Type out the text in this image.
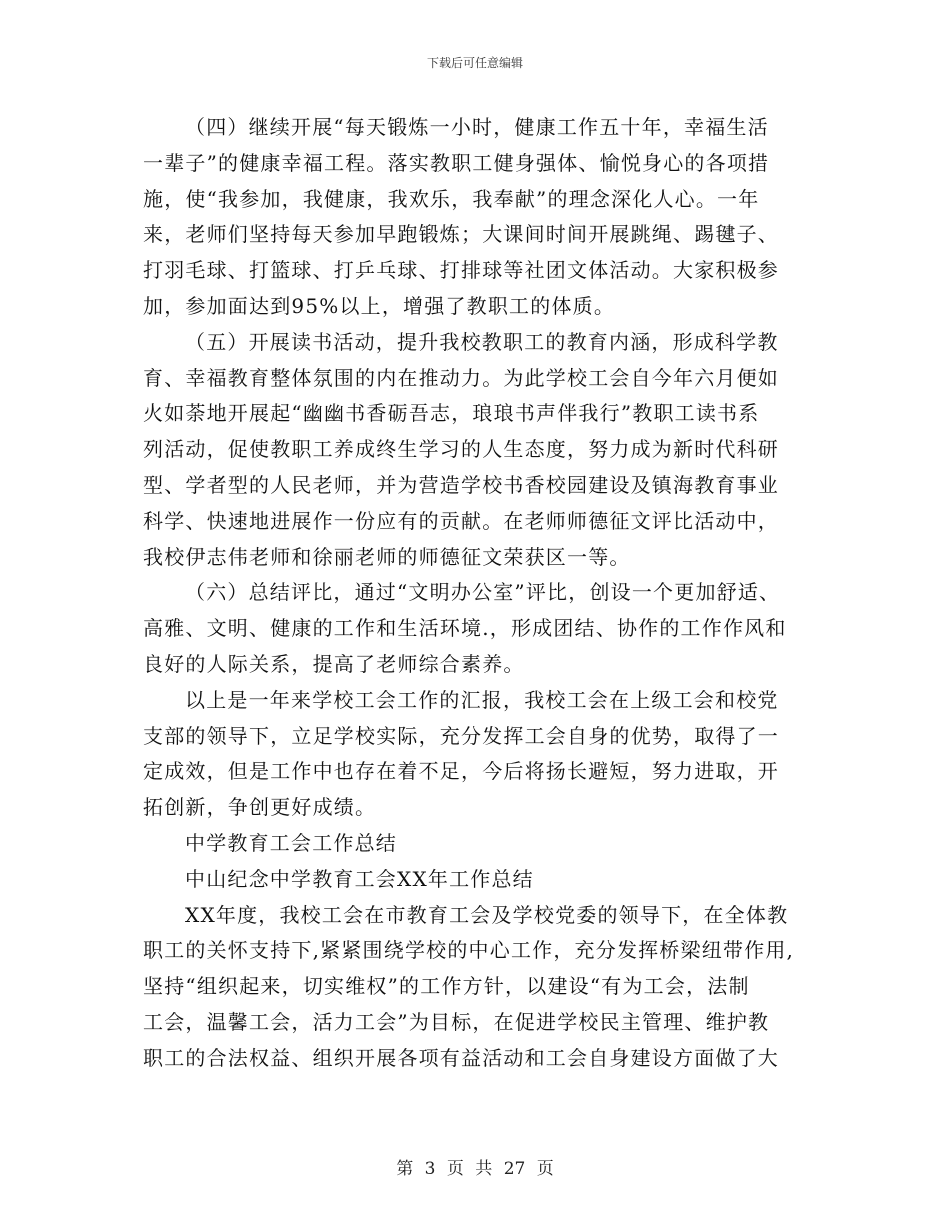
下载后可任意编辑
（四）继续开展“每天锻炼一小时，健康工作五十年，幸福生活
一辈子”的健康幸福工程。落实教职工健身强体、愉悦身心的各项措
施，使“我参加，我健康，我欢乐，我奉献”的理念深化人心。一年
来，老师们坚持每天参加早跑锻炼；大课间时间开展跳绳、踢毽子、
打羽毛球、打篮球、打乒乓球、打排球等社团文体活动。大家积极参
加，参加面达到95%以上，增强了教职工的体质。
（五）开展读书活动，提升我校教职工的教育内涵，形成科学教
育、幸福教育整体氛围的内在推动力。为此学校工会自今年六月便如
火如荼地开展起“幽幽书香砺吾志，琅琅书声伴我行”教职工读书系
列活动，促使教职工养成终生学习的人生态度，努力成为新时代科研
型、学者型的人民老师，并为营造学校书香校园建设及镇海教育事业
科学、快速地进展作一份应有的贡献。在老师师德征文评比活动中，
我校伊志伟老师和徐丽老师的师德征文荣获区一等。
（六）总结评比，通过“文明办公室”评比，创设一个更加舒适、
高雅、文明、健康的工作和生活环境.，形成团结、协作的工作作风和
良好的人际关系，提高了老师综合素养。
以上是一年来学校工会工作的汇报，我校工会在上级工会和校党
支部的领导下，立足学校实际，充分发挥工会自身的优势，取得了一
定成效，但是工作中也存在着不足，今后将扬长避短，努力进取，开
拓创新，争创更好成绩。
中学教育工会工作总结
中山纪念中学教育工会XX年工作总结
XX年度，我校工会在市教育工会及学校党委的领导下，在全体教
职工的关怀支持下,紧紧围绕学校的中心工作，充分发挥桥梁纽带作用,
坚持“组织起来，切实维权”的工作方针，以建设“有为工会，法制
工会，温馨工会，活力工会”为目标，在促进学校民主管理、维护教
职工的合法权益、组织开展各项有益活动和工会自身建设方面做了大
第 3 页 共 27 页
